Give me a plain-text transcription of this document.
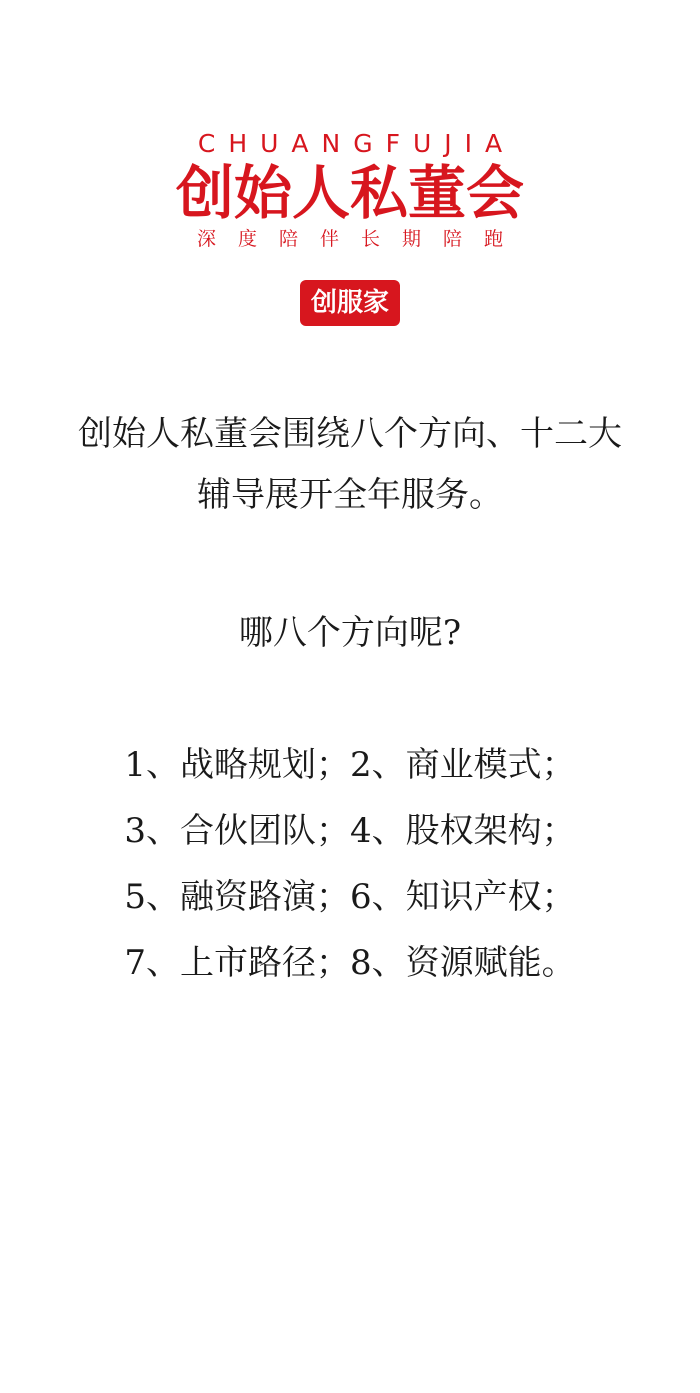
CHUANGFUJIA
创始人私董会
深度陪伴长期陪跑
创服家
创始人私董会围绕八个方向、十二大
辅导展开全年服务。
哪八个方向呢?
1、战略规划；2、商业模式；
3、合伙团队；4、股权架构；
5、融资路演；6、知识产权；
7、上市路径；8、资源赋能。
